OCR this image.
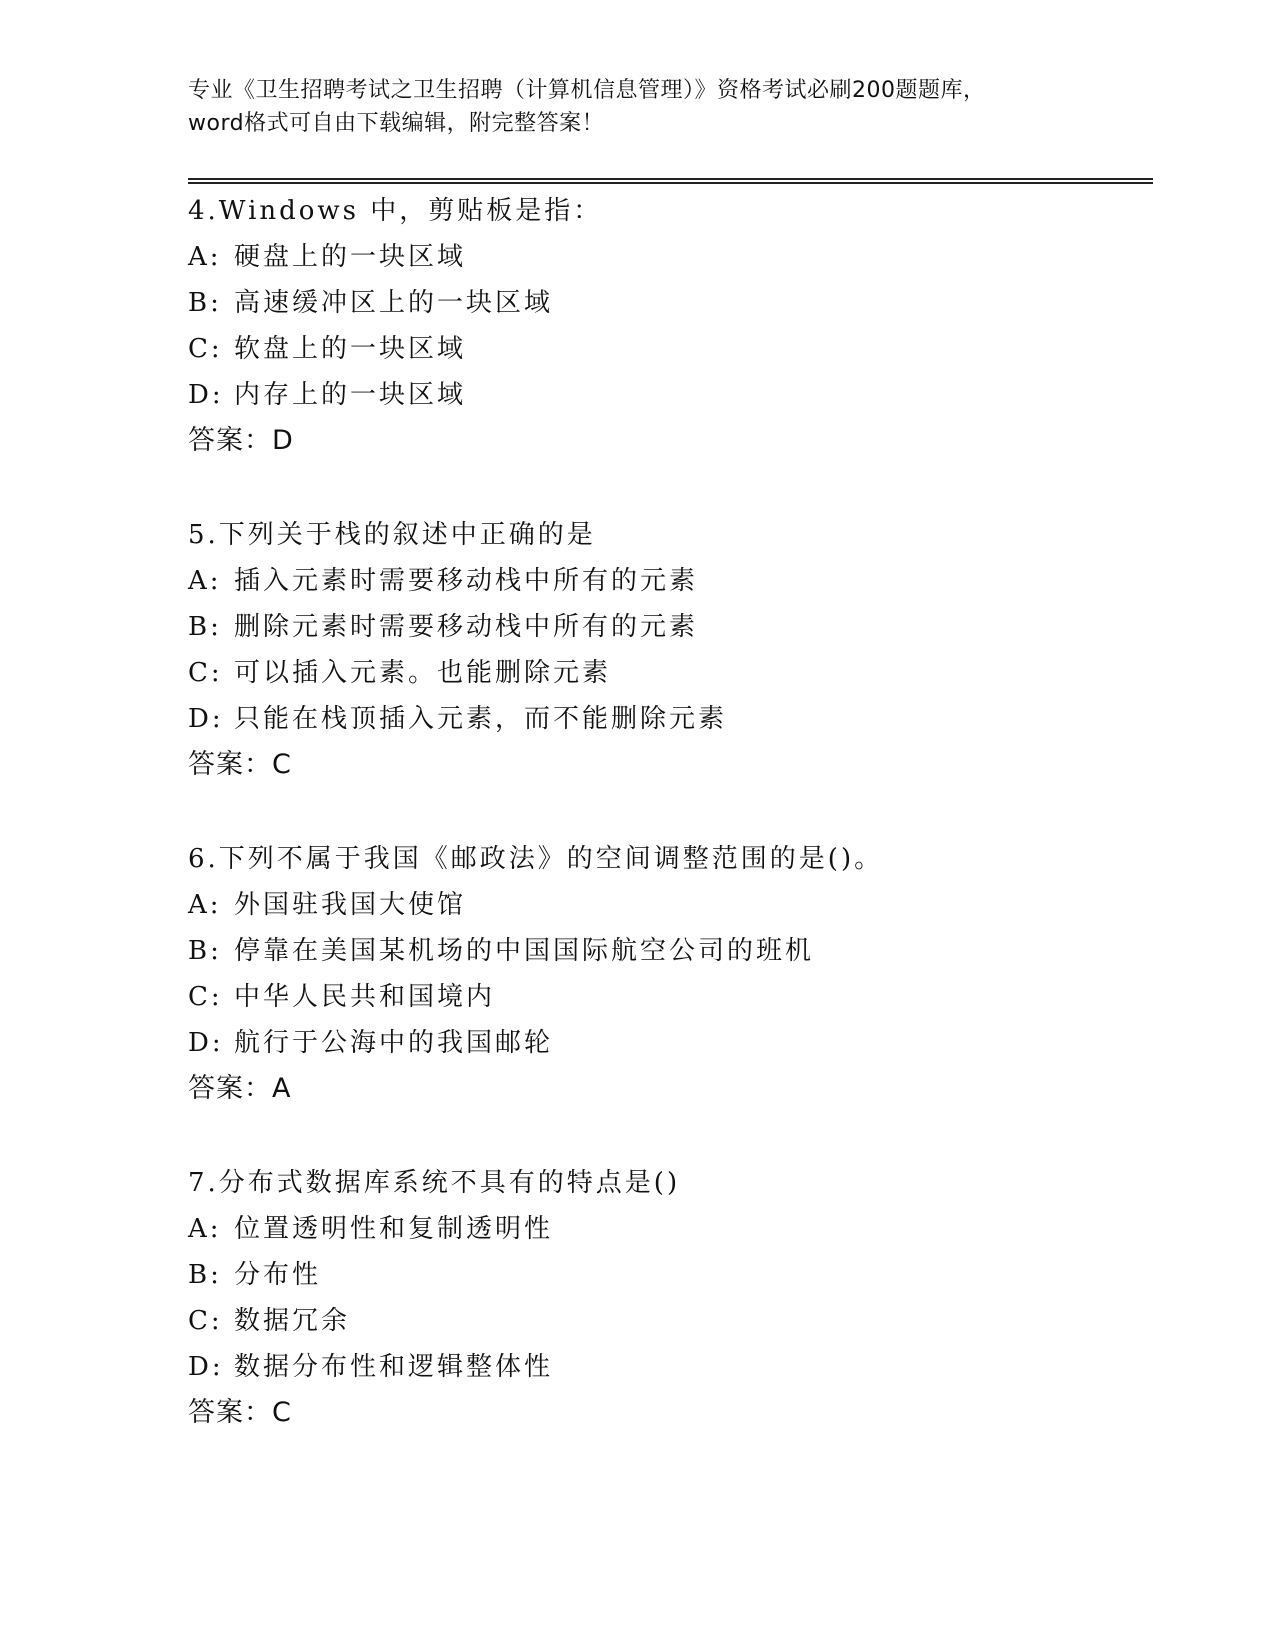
专业《卫生招聘考试之卫生招聘（计算机信息管理）》资格考试必刷200题题库，
word格式可自由下载编辑，附完整答案！
4.Windows 中，剪贴板是指：
A: 硬盘上的一块区域
B: 高速缓冲区上的一块区域
C: 软盘上的一块区域
D: 内存上的一块区域
答案：D
5.下列关于栈的叙述中正确的是
A: 插入元素时需要移动栈中所有的元素
B: 删除元素时需要移动栈中所有的元素
C: 可以插入元素。也能删除元素
D: 只能在栈顶插入元素，而不能删除元素
答案：C
6.下列不属于我国《邮政法》的空间调整范围的是()。
A: 外国驻我国大使馆
B: 停靠在美国某机场的中国国际航空公司的班机
C: 中华人民共和国境内
D: 航行于公海中的我国邮轮
答案：A
7.分布式数据库系统不具有的特点是()
A: 位置透明性和复制透明性
B: 分布性
C: 数据冗余
D: 数据分布性和逻辑整体性
答案：C
